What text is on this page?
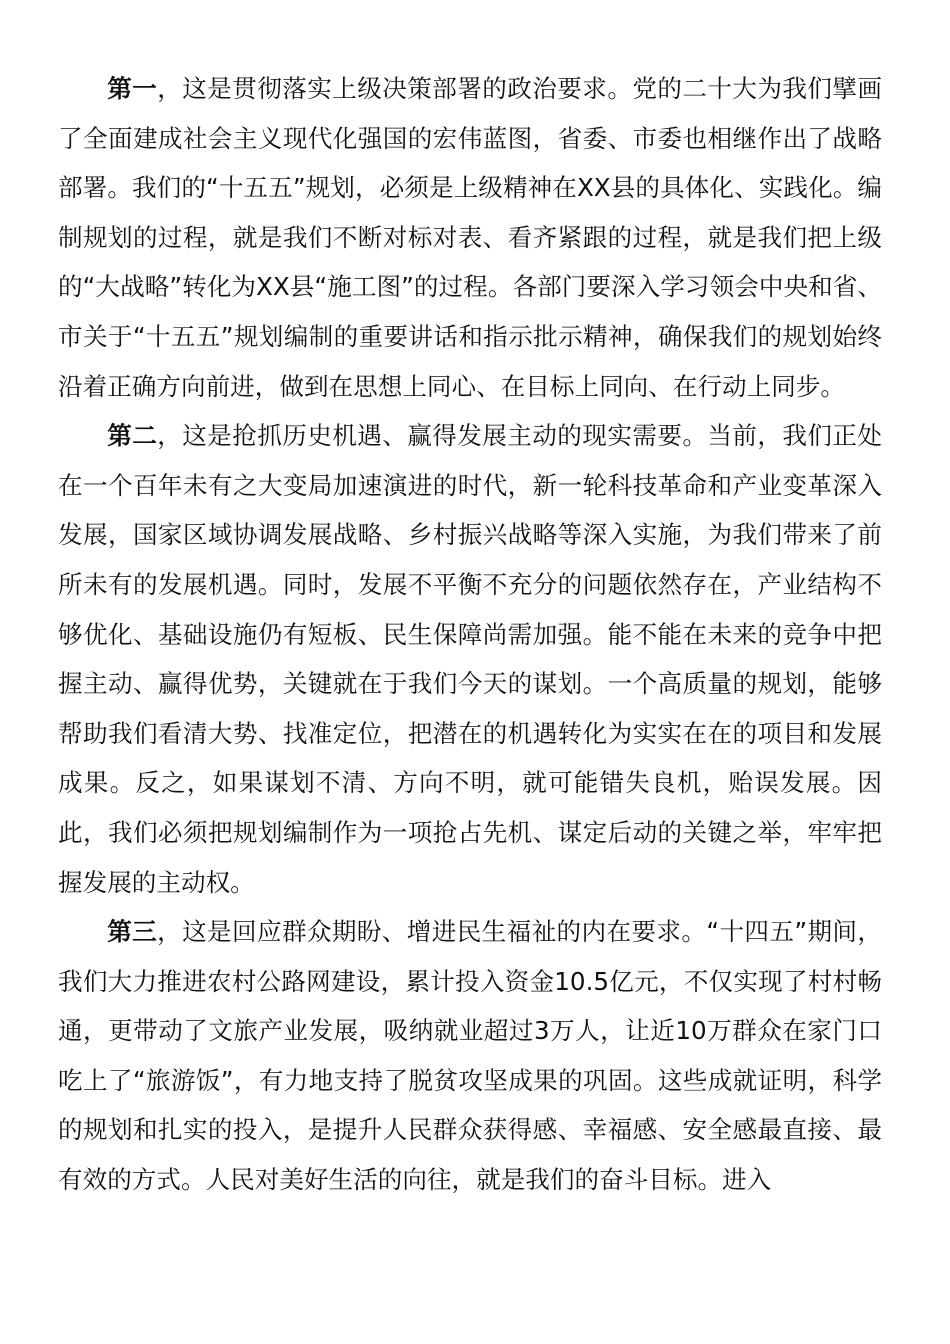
第一，这是贯彻落实上级决策部署的政治要求。党的二十大为我们擘画了全面建成社会主义现代化强国的宏伟蓝图，省委、市委也相继作出了战略部署。我们的“十五五”规划，必须是上级精神在XX县的具体化、实践化。编制规划的过程，就是我们不断对标对表、看齐紧跟的过程，就是我们把上级的“大战略”转化为XX县“施工图”的过程。各部门要深入学习领会中央和省、市关于“十五五”规划编制的重要讲话和指示批示精神，确保我们的规划始终沿着正确方向前进，做到在思想上同心、在目标上同向、在行动上同步。

第二，这是抢抓历史机遇、赢得发展主动的现实需要。当前，我们正处在一个百年未有之大变局加速演进的时代，新一轮科技革命和产业变革深入发展，国家区域协调发展战略、乡村振兴战略等深入实施，为我们带来了前所未有的发展机遇。同时，发展不平衡不充分的问题依然存在，产业结构不够优化、基础设施仍有短板、民生保障尚需加强。能不能在未来的竞争中把握主动、赢得优势，关键就在于我们今天的谋划。一个高质量的规划，能够帮助我们看清大势、找准定位，把潜在的机遇转化为实实在在的项目和发展成果。反之，如果谋划不清、方向不明，就可能错失良机，贻误发展。因此，我们必须把规划编制作为一项抢占先机、谋定后动的关键之举，牢牢把握发展的主动权。

第三，这是回应群众期盼、增进民生福祉的内在要求。“十四五”期间，我们大力推进农村公路网建设，累计投入资金10.5亿元，不仅实现了村村畅通，更带动了文旅产业发展，吸纳就业超过3万人，让近10万群众在家门口吃上了“旅游饭”，有力地支持了脱贫攻坚成果的巩固。这些成就证明，科学的规划和扎实的投入，是提升人民群众获得感、幸福感、安全感最直接、最有效的方式。人民对美好生活的向往，就是我们的奋斗目标。进入
